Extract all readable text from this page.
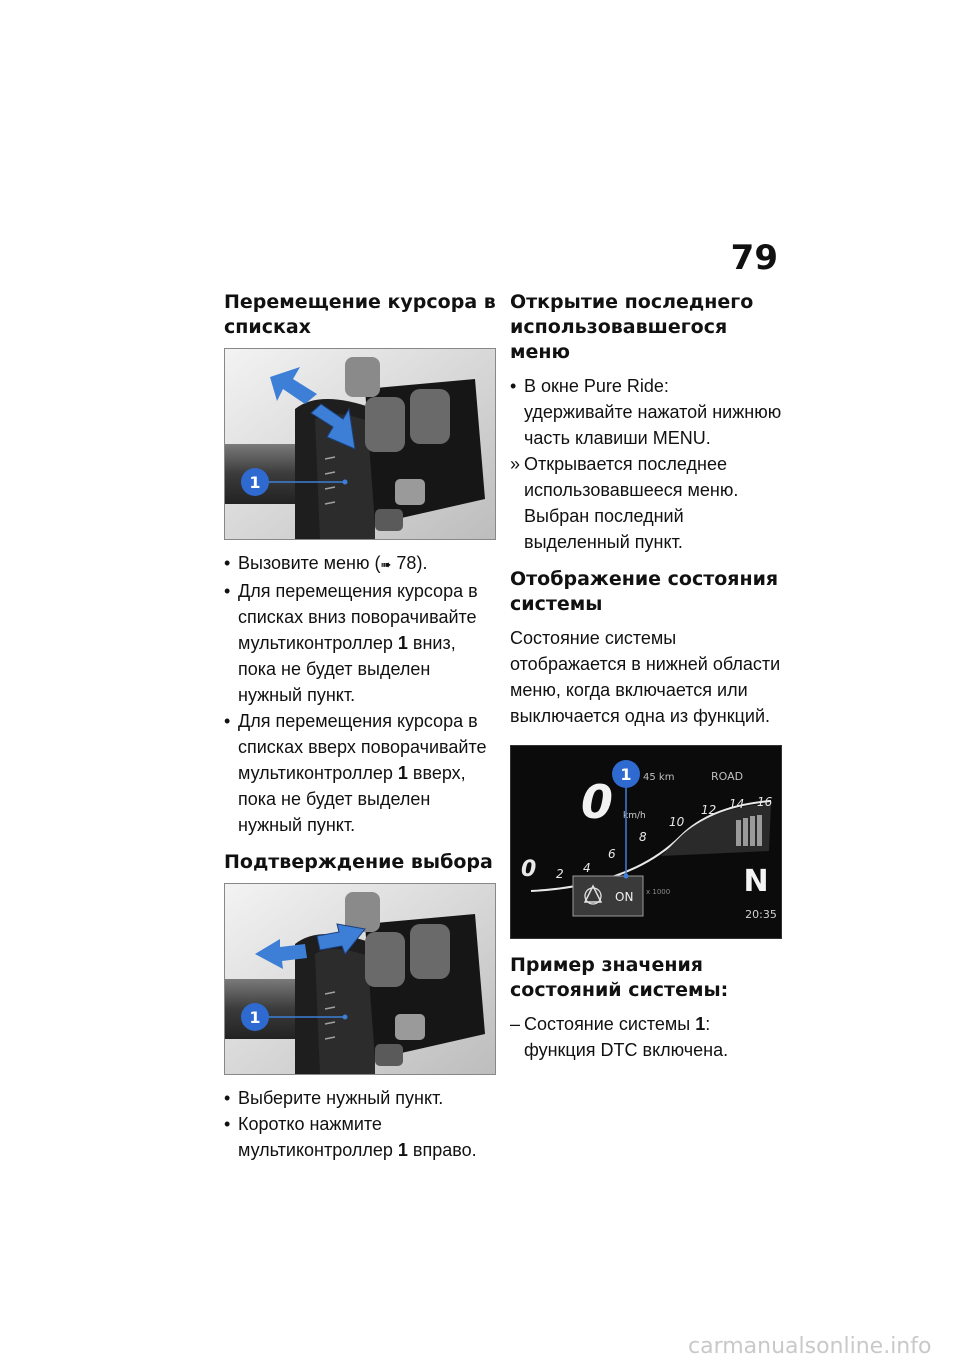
79
Перемещение курсора в списках
1
• Вызовите меню (➠ 78).
• Для перемещения курсора в списках вниз поворачивайте мультиконтроллер 1 вниз, пока не будет выделен нужный пункт.
• Для перемещения курсора в списках вверх поворачивайте мультиконтроллер 1 вверх, пока не будет выделен нужный пункт.
Подтверждение выбора
1
• Выберите нужный пункт.
• Коротко нажмите мультиконтроллер 1 вправо.
Открытие последнего использовавшегося меню
• В окне Pure Ride: удерживайте нажатой нижнюю часть клавиши MENU.
» Открывается последнее использовавшееся меню. Выбран последний выделенный пункт.
Отображение состояния системы

Состояние системы отображается в нижней области меню, когда включается или выключается одна из функций.

0 km/h
45 km	ROAD
0 2 4
6
8
10
12 14 16
x 1000
ON	N
20:35
1
Пример значения состояний системы:
– Состояние системы 1: функция DTC включена.
carmanualsonline.info
